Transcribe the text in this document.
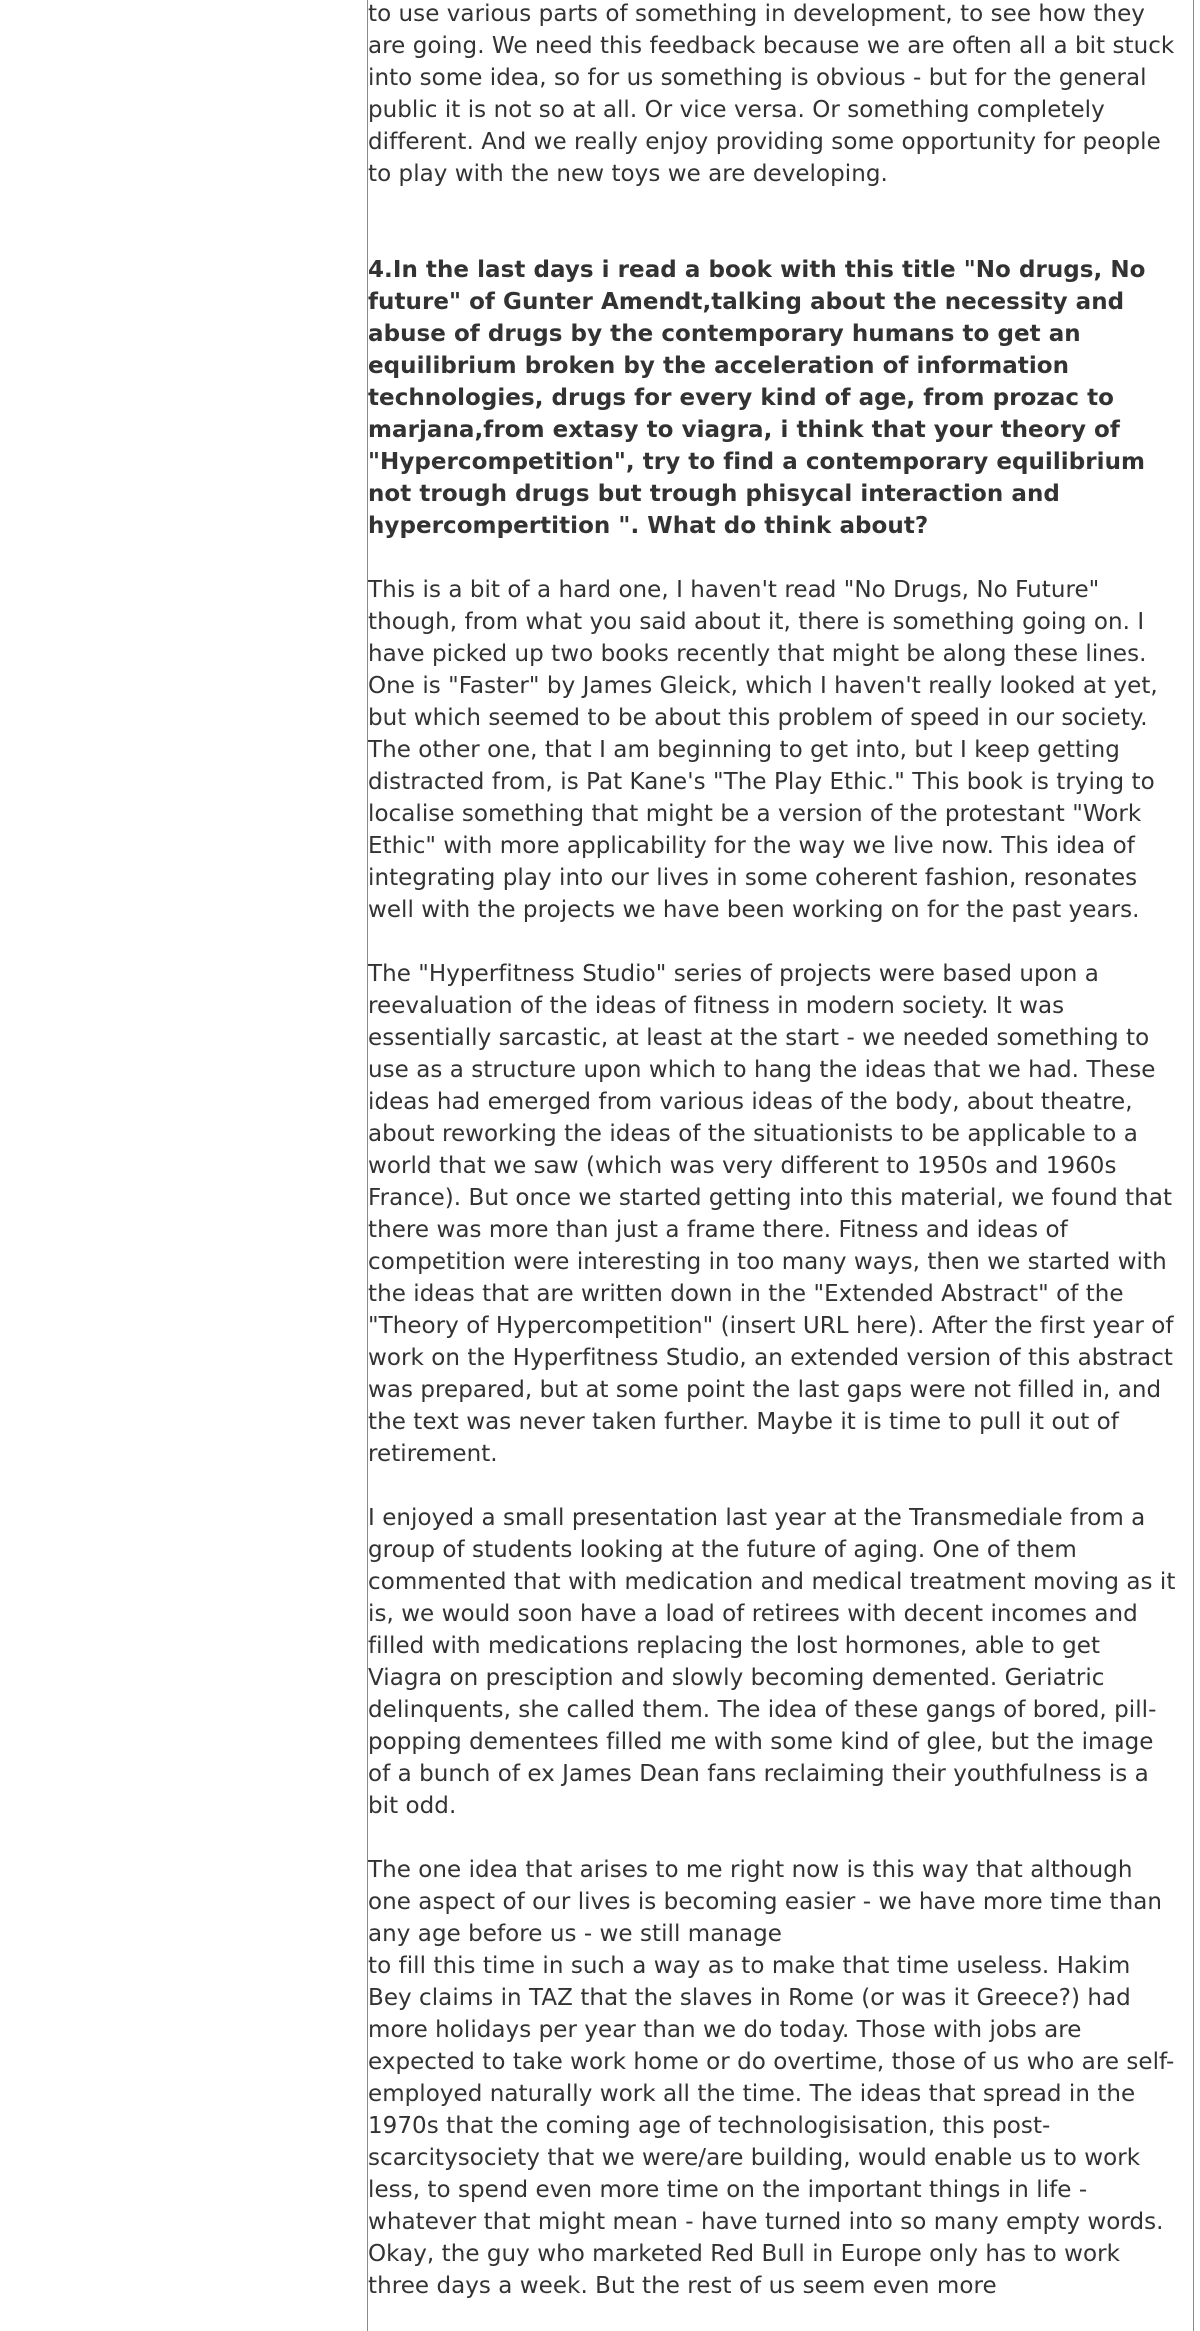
to use various parts of something in development, to see how they are going. We need this feedback because we are often all a bit stuck into some idea, so for us something is obvious - but for the general public it is not so at all. Or vice versa. Or something completely different. And we really enjoy providing some opportunity for people to play with the new toys we are developing.

4.In the last days i read a book with this title "No drugs, No future" of Gunter Amendt,talking about the necessity and abuse of drugs by the contemporary humans to get an equilibrium broken by the acceleration of information technologies, drugs for every kind of age, from prozac to marjana,from extasy to viagra, i think that your theory of "Hypercompetition", try to find a contemporary equilibrium not trough drugs but trough phisycal interaction and hypercompertition ". What do think about?

This is a bit of a hard one, I haven't read "No Drugs, No Future" though, from what you said about it, there is something going on. I have picked up two books recently that might be along these lines. One is "Faster" by James Gleick, which I haven't really looked at yet, but which seemed to be about this problem of speed in our society. The other one, that I am beginning to get into, but I keep getting distracted from, is Pat Kane's "The Play Ethic." This book is trying to localise something that might be a version of the protestant "Work Ethic" with more applicability for the way we live now. This idea of integrating play into our lives in some coherent fashion, resonates well with the projects we have been working on for the past years.

The "Hyperfitness Studio" series of projects were based upon a reevaluation of the ideas of fitness in modern society. It was essentially sarcastic, at least at the start - we needed something to use as a structure upon which to hang the ideas that we had. These ideas had emerged from various ideas of the body, about theatre, about reworking the ideas of the situationists to be applicable to a world that we saw (which was very different to 1950s and 1960s France). But once we started getting into this material, we found that there was more than just a frame there. Fitness and ideas of competition were interesting in too many ways, then we started with the ideas that are written down in the "Extended Abstract" of the "Theory of Hypercompetition" (insert URL here). After the first year of work on the Hyperfitness Studio, an extended version of this abstract was prepared, but at some point the last gaps were not filled in, and the text was never taken further. Maybe it is time to pull it out of retirement.

I enjoyed a small presentation last year at the Transmediale from a group of students looking at the future of aging. One of them commented that with medication and medical treatment moving as it is, we would soon have a load of retirees with decent incomes and filled with medications replacing the lost hormones, able to get Viagra on presciption and slowly becoming demented. Geriatric delinquents, she called them. The idea of these gangs of bored, pill-popping dementees filled me with some kind of glee, but the image of a bunch of ex James Dean fans reclaiming their youthfulness is a bit odd.

The one idea that arises to me right now is this way that although one aspect of our lives is becoming easier - we have more time than any age before us - we still manage

to fill this time in such a way as to make that time useless. Hakim Bey claims in TAZ that the slaves in Rome (or was it Greece?) had more holidays per year than we do today. Those with jobs are expected to take work home or do overtime, those of us who are self-employed naturally work all the time. The ideas that spread in the 1970s that the coming age of technologisisation, this post-scarcitysociety that we were/are building, would enable us to work less, to spend even more time on the important things in life - whatever that might mean - have turned into so many empty words. Okay, the guy who marketed Red Bull in Europe only has to work three days a week. But the rest of us seem even more
